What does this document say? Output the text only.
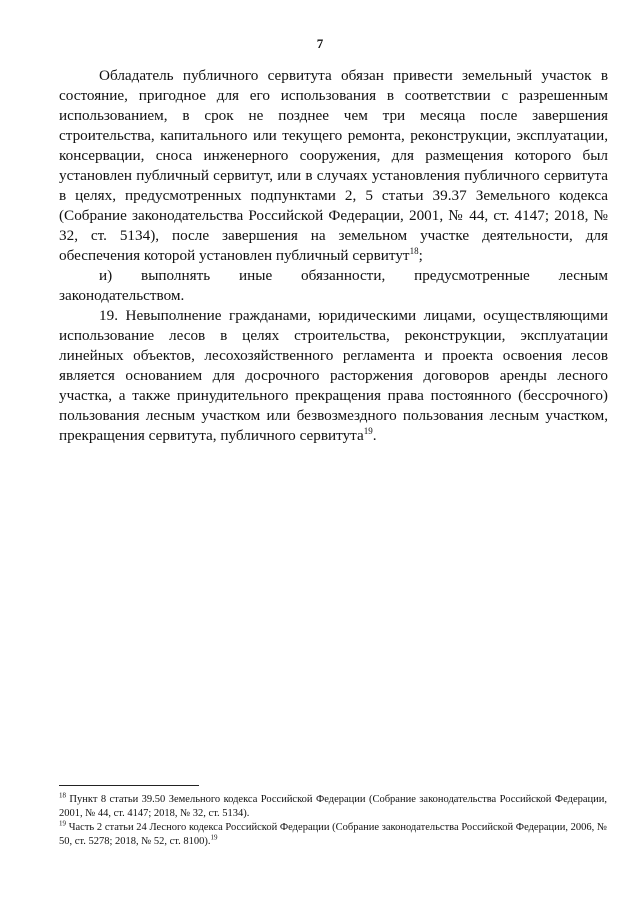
7

Обладатель публичного сервитута обязан привести земельный участок в состояние, пригодное для его использования в соответствии с разрешенным использованием, в срок не позднее чем три месяца после завершения строительства, капитального или текущего ремонта, реконструкции, эксплуатации, консервации, сноса инженерного сооружения, для размещения которого был установлен публичный сервитут, или в случаях установления публичного сервитута в целях, предусмотренных подпунктами 2, 5 статьи 39.37 Земельного кодекса (Собрание законодательства Российской Федерации, 2001, № 44, ст. 4147; 2018, № 32, ст. 5134), после завершения на земельном участке деятельности, для обеспечения которой установлен публичный сервитут$^{18}$;

и) выполнять иные обязанности, предусмотренные лесным законодательством.

19. Невыполнение гражданами, юридическими лицами, осуществляющими использование лесов в целях строительства, реконструкции, эксплуатации линейных объектов, лесохозяйственного регламента и проекта освоения лесов является основанием для досрочного расторжения договоров аренды лесного участка, а также принудительного прекращения права постоянного (бессрочного) пользования лесным участком или безвозмездного пользования лесным участком, прекращения сервитута, публичного сервитута$^{19}$.

$^{18}$ Пункт 8 статьи 39.50 Земельного кодекса Российской Федерации (Собрание законодательства Российской Федерации, 2001, № 44, ст. 4147; 2018, № 32, ст. 5134).

$^{19}$ Часть 2 статьи 24 Лесного кодекса Российской Федерации (Собрание законодательства Российской Федерации, 2006, № 50, ст. 5278; 2018, № 52, ст. 8100).$^{19}$
